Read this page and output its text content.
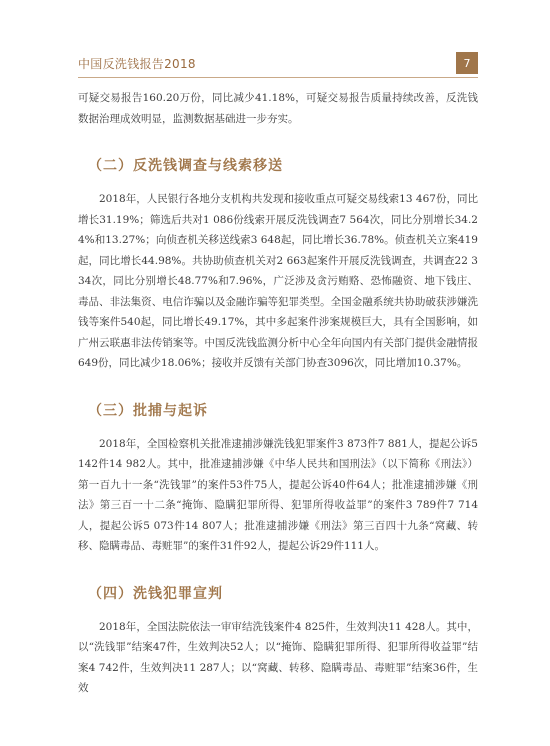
中国反洗钱报告2018	7

可疑交易报告160.20万份，同比减少41.18%，可疑交易报告质量持续改善，反洗钱数据治理成效明显，监测数据基础进一步夯实。

（二）反洗钱调查与线索移送

2018年，人民银行各地分支机构共发现和接收重点可疑交易线索13 467份，同比增长31.19%；筛选后共对1 086份线索开展反洗钱调查7 564次，同比分别增长34.24%和13.27%；向侦查机关移送线索3 648起，同比增长36.78%。侦查机关立案419起，同比增长44.98%。共协助侦查机关对2 663起案件开展反洗钱调查，共调查22 334次，同比分别增长48.77%和7.96%，广泛涉及贪污贿赂、恐怖融资、地下钱庄、毒品、非法集资、电信诈骗以及金融诈骗等犯罪类型。全国金融系统共协助破获涉嫌洗钱等案件540起，同比增长49.17%，其中多起案件涉案规模巨大，具有全国影响，如广州云联惠非法传销案等。中国反洗钱监测分析中心全年向国内有关部门提供金融情报649份，同比减少18.06%；接收并反馈有关部门协查3096次，同比增加10.37%。

（三）批捕与起诉

2018年，全国检察机关批准逮捕涉嫌洗钱犯罪案件3 873件7 881人，提起公诉5142件14 982人。其中，批准逮捕涉嫌《中华人民共和国刑法》（以下简称《刑法》）第一百九十一条“洗钱罪”的案件53件75人，提起公诉40件64人；批准逮捕涉嫌《刑法》第三百一十二条“掩饰、隐瞒犯罪所得、犯罪所得收益罪”的案件3 789件7 714人，提起公诉5 073件14 807人；批准逮捕涉嫌《刑法》第三百四十九条“窝藏、转移、隐瞒毒品、毒赃罪”的案件31件92人，提起公诉29件111人。

（四）洗钱犯罪宣判

2018年，全国法院依法一审审结洗钱案件4 825件，生效判决11 428人。其中，以“洗钱罪”结案47件，生效判决52人；以“掩饰、隐瞒犯罪所得、犯罪所得收益罪”结案4 742件，生效判决11 287人；以“窝藏、转移、隐瞒毒品、毒赃罪”结案36件，生效
